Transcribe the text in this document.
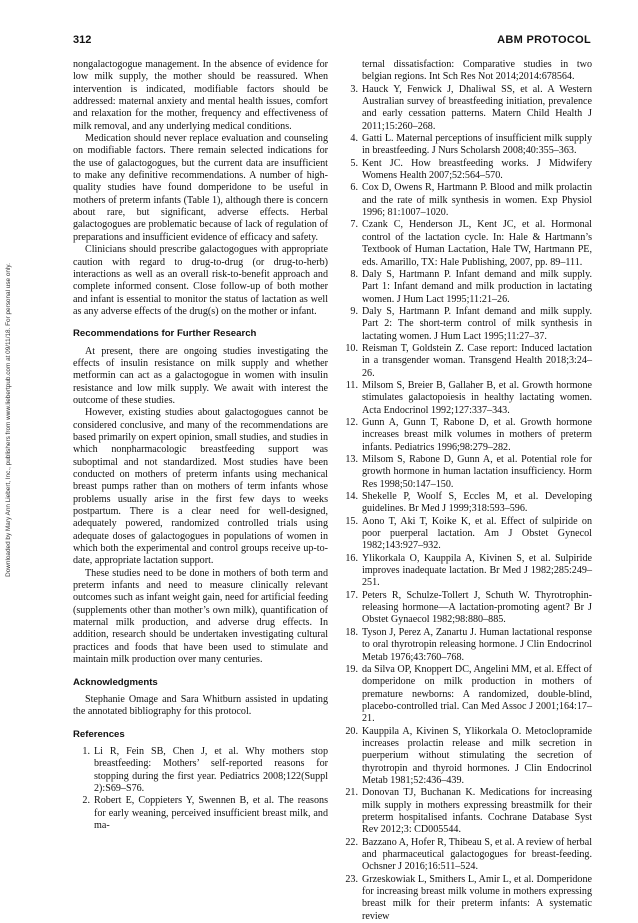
312	ABM PROTOCOL
Downloaded by Mary Ann Liebert, Inc., publishers from www.liebertpub.com at 09/11/18. For personal use only.

nongalactogogue management. In the absence of evidence for low milk supply, the mother should be reassured. When intervention is indicated, modifiable factors should be addressed: maternal anxiety and mental health issues, comfort and relaxation for the mother, frequency and effectiveness of milk removal, and any underlying medical conditions.

Medication should never replace evaluation and counseling on modifiable factors. There remain selected indications for the use of galactogogues, but the current data are insufficient to make any definitive recommendations. A number of high-quality studies have found domperidone to be useful in mothers of preterm infants (Table 1), although there is concern about rare, but significant, adverse effects. Herbal galactogogues are problematic because of lack of regulation of preparations and insufficient evidence of efficacy and safety.

Clinicians should prescribe galactogogues with appropriate caution with regard to drug-to-drug (or drug-to-herb) interactions as well as an overall risk-to-benefit approach and complete informed consent. Close follow-up of both mother and infant is essential to monitor the status of lactation as well as any adverse effects of the drug(s) on the mother or infant.

Recommendations for Further Research

At present, there are ongoing studies investigating the effects of insulin resistance on milk supply and whether metformin can act as a galactogogue in women with insulin resistance and low milk supply. We await with interest the outcome of these studies.

However, existing studies about galactogogues cannot be considered conclusive, and many of the recommendations are based primarily on expert opinion, small studies, and studies in which nonpharmacologic breastfeeding support was suboptimal and not standardized. Most studies have been conducted on mothers of preterm infants using mechanical breast pumps rather than on mothers of term infants whose problems usually arise in the first few days to weeks postpartum. There is a clear need for well-designed, adequately powered, randomized controlled trials using adequate doses of galactogogues in populations of women in which both the experimental and control groups receive up-to-date, appropriate lactation support.

These studies need to be done in mothers of both term and preterm infants and need to measure clinically relevant outcomes such as infant weight gain, need for artificial feeding (supplements other than mother’s own milk), quantification of maternal milk production, and adverse drug effects. In addition, research should be undertaken investigating cultural practices and foods that have been used to stimulate and maintain milk production over many centuries.

Acknowledgments

Stephanie Omage and Sara Whitburn assisted in updating the annotated bibliography for this protocol.

References
1. Li R, Fein SB, Chen J, et al. Why mothers stop breastfeeding: Mothers’ self-reported reasons for stopping during the first year. Pediatrics 2008;122(Suppl 2):S69–S76.
2. Robert E, Coppieters Y, Swennen B, et al. The reasons for early weaning, perceived insufficient breast milk, and ma-
ternal dissatisfaction: Comparative studies in two belgian regions. Int Sch Res Not 2014;2014:678564.
3. Hauck Y, Fenwick J, Dhaliwal SS, et al. A Western Australian survey of breastfeeding initiation, prevalence and early cessation patterns. Matern Child Health J 2011;15:260–268.
4. Gatti L. Maternal perceptions of insufficient milk supply in breastfeeding. J Nurs Scholarsh 2008;40:355–363.
5. Kent JC. How breastfeeding works. J Midwifery Womens Health 2007;52:564–570.
6. Cox D, Owens R, Hartmann P. Blood and milk prolactin and the rate of milk synthesis in women. Exp Physiol 1996; 81:1007–1020.
7. Czank C, Henderson JL, Kent JC, et al. Hormonal control of the lactation cycle. In: Hale & Hartmann’s Textbook of Human Lactation, Hale TW, Hartmann PE, eds. Amarillo, TX: Hale Publishing, 2007, pp. 89–111.
8. Daly S, Hartmann P. Infant demand and milk supply. Part 1: Infant demand and milk production in lactating women. J Hum Lact 1995;11:21–26.
9. Daly S, Hartmann P. Infant demand and milk supply. Part 2: The short-term control of milk synthesis in lactating women. J Hum Lact 1995;11:27–37.
10. Reisman T, Goldstein Z. Case report: Induced lactation in a transgender woman. Transgend Health 2018;3:24–26.
11. Milsom S, Breier B, Gallaher B, et al. Growth hormone stimulates galactopoiesis in healthy lactating women. Acta Endocrinol 1992;127:337–343.
12. Gunn A, Gunn T, Rabone D, et al. Growth hormone increases breast milk volumes in mothers of preterm infants. Pediatrics 1996;98:279–282.
13. Milsom S, Rabone D, Gunn A, et al. Potential role for growth hormone in human lactation insufficiency. Horm Res 1998;50:147–150.
14. Shekelle P, Woolf S, Eccles M, et al. Developing guidelines. Br Med J 1999;318:593–596.
15. Aono T, Aki T, Koike K, et al. Effect of sulpiride on poor puerperal lactation. Am J Obstet Gynecol 1982;143:927–932.
16. Ylikorkala O, Kauppila A, Kivinen S, et al. Sulpiride improves inadequate lactation. Br Med J 1982;285:249–251.
17. Peters R, Schulze-Tollert J, Schuth W. Thyrotrophin-releasing hormone—A lactation-promoting agent? Br J Obstet Gynaecol 1982;98:880–885.
18. Tyson J, Perez A, Zanartu J. Human lactational response to oral thyrotropin releasing hormone. J Clin Endocrinol Metab 1976;43:760–768.
19. da Silva OP, Knoppert DC, Angelini MM, et al. Effect of domperidone on milk production in mothers of premature newborns: A randomized, double-blind, placebo-controlled trial. Can Med Assoc J 2001;164:17–21.
20. Kauppila A, Kivinen S, Ylikorkala O. Metoclopramide increases prolactin release and milk secretion in puerperium without stimulating the secretion of thyrotropin and thyroid hormones. J Clin Endocrinol Metab 1981;52:436–439.
21. Donovan TJ, Buchanan K. Medications for increasing milk supply in mothers expressing breastmilk for their preterm hospitalised infants. Cochrane Database Syst Rev 2012;3: CD005544.
22. Bazzano A, Hofer R, Thibeau S, et al. A review of herbal and pharmaceutical galactogogues for breast-feeding. Ochsner J 2016;16:511–524.
23. Grzeskowiak L, Smithers L, Amir L, et al. Domperidone for increasing breast milk volume in mothers expressing breast milk for their preterm infants: A systematic review
